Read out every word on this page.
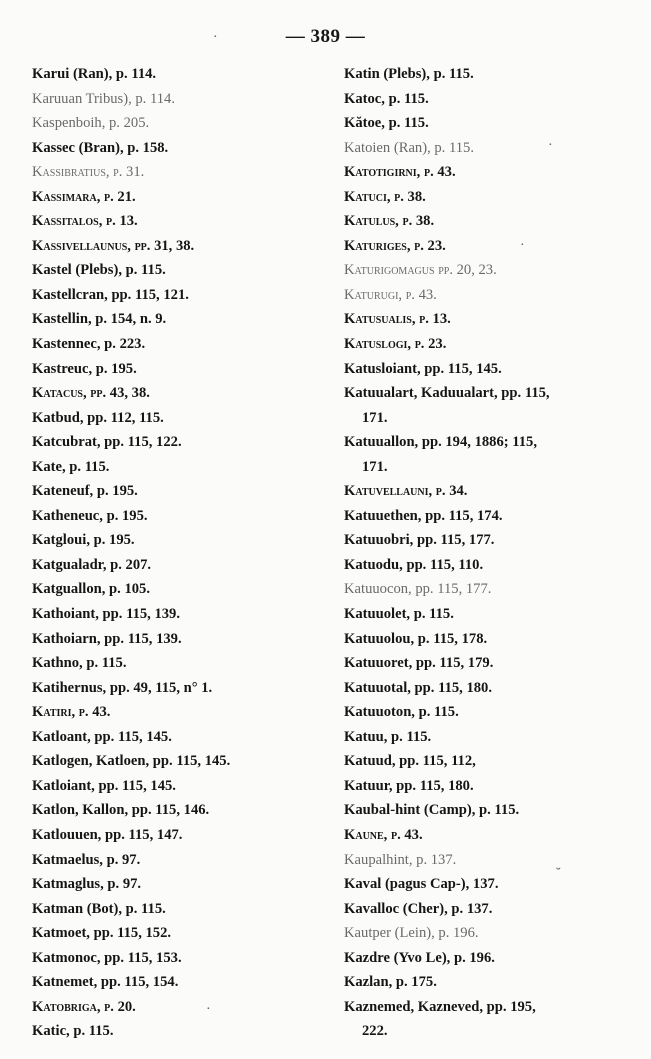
— 389 —
Karui (Ran), p. 114.
Karuuan Tribus), p. 114.
Kaspenboih, p. 205.
Kassec (Bran), p. 158.
Kassibratius, p. 31.
Kassimara, p. 21.
Kassitalos, p. 13.
Kassivellaunus, pp. 31, 38.
Kastel (Plebs), p. 115.
Kastellcran, pp. 115, 121.
Kastellin, p. 154, n. 9.
Kastennec, p. 223.
Kastreuc, p. 195.
Katacus, pp. 43, 38.
Katbud, pp. 112, 115.
Katcubrat, pp. 115, 122.
Kate, p. 115.
Kateneuf, p. 195.
Katheneuc, p. 195.
Katgloui, p. 195.
Katgualadr, p. 207.
Katguallon, p. 105.
Kathoiant, pp. 115, 139.
Kathoiarn, pp. 115, 139.
Kathno, p. 115.
Katihernus, pp. 49, 115, n° 1.
Katiri, p. 43.
Katloant, pp. 115, 145.
Katlogen, Katloen, pp. 115, 145.
Katloiant, pp. 115, 145.
Katlon, Kallon, pp. 115, 146.
Katlouuen, pp. 115, 147.
Katmaelus, p. 97.
Katmaglus, p. 97.
Katman (Bot), p. 115.
Katmoet, pp. 115, 152.
Katmonoc, pp. 115, 153.
Katnemet, pp. 115, 154.
Katobriga, p. 20.
Katic, p. 115.
Katin (Plebs), p. 115.
Katoc, p. 115.
Kătoe, p. 115.
Katoien (Ran), p. 115.
Katotigirni, p. 43.
Katuci, p. 38.
Katulus, p. 38.
Katuriges, p. 23.
Katurigomagus pp. 20, 23.
Katurugi, p. 43.
Katusualis, p. 13.
Katuslogi, p. 23.
Katusloiant, pp. 115, 145.
Katuualart, Kaduualart, pp. 115,
171.
Katuuallon, pp. 194, 1886; 115,
171.
Katuvellauni, p. 34.
Katuuethen, pp. 115, 174.
Katuuobri, pp. 115, 177.
Katuodu, pp. 115, 110.
Katuuocon, pp. 115, 177.
Katuuolet, p. 115.
Katuuolou, p. 115, 178.
Katuuoret, pp. 115, 179.
Katuuotal, pp. 115, 180.
Katuuoton, p. 115.
Katuu, p. 115.
Katuud, pp. 115, 112,
Katuur, pp. 115, 180.
Kaubal-hint (Camp), p. 115.
Kaune, p. 43.
Kaupalhint, p. 137.
Kaval (pagus Cap-), 137.
Kavalloc (Cher), p. 137.
Kautper (Lein), p. 196.
Kazdre (Yvo Le), p. 196.
Kazlan, p. 175.
Kaznemed, Kazneved, pp. 195,
222.
·
·
·
˘
·
